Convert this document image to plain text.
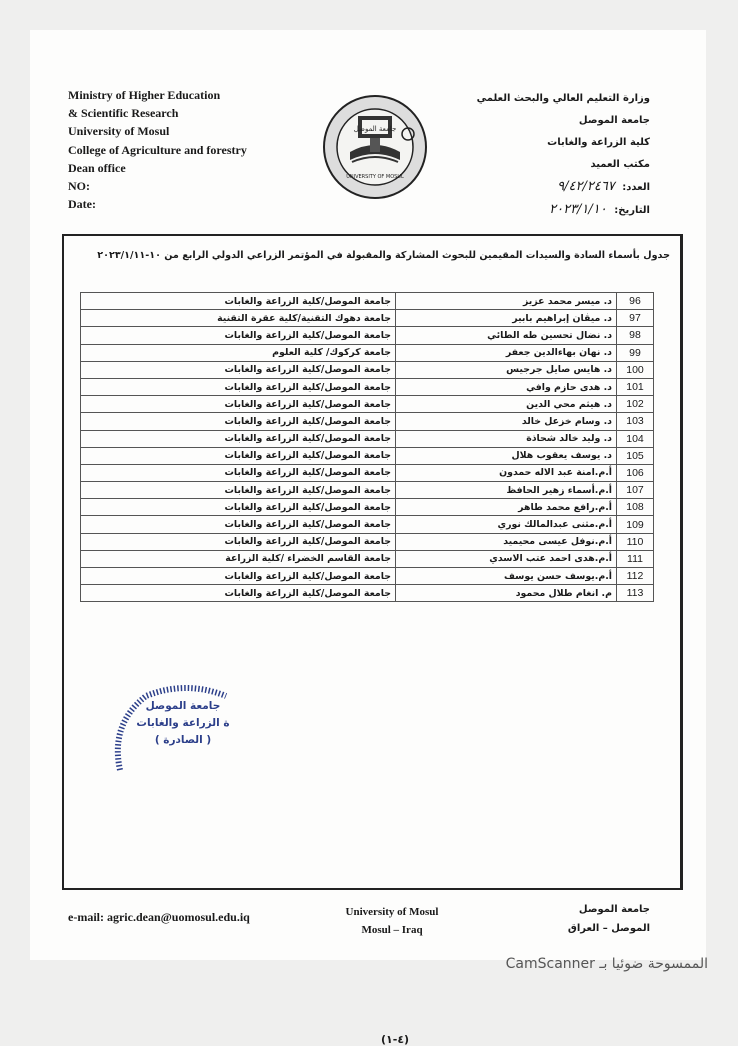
Ministry of Higher Education
& Scientific Research
University of Mosul
College of Agriculture and forestry
Dean office
NO:
Date:
جامعة الموصل
UNIVERSITY OF MOSUL
وزارة التعليم العالي والبحث العلمي
جامعة الموصل
كلية الزراعة والغابات
مكتب العميد
العدد: ٩/٤٢/٢٤٦٧
التاريخ: ٢٠٢٣/١/١٠
جدول بأسماء السادة والسيدات المقيمين للبحوث المشاركة والمقبولة في المؤتمر الزراعي الدولي الرابع من ١٠-٢٠٢٣/١/١١
جامعة الموصل/كلية الزراعة والغابات	د. ميسر محمد عزيز	96
جامعة دهوك التقنية/كلية عقرة التقنية	د. ميڤان إبراهيم بابير	97
جامعة الموصل/كلية الزراعة والغابات	د. نضال تحسين طه الطائي	98
جامعة كركوك/ كلية العلوم	د. نهان بهاءالدين جعفر	99
جامعة الموصل/كلية الزراعة والغابات	د. هايس صايل جرجيس	100
جامعة الموصل/كلية الزراعة والغابات	د. هدى حازم وافي	101
جامعة الموصل/كلية الزراعة والغابات	د. هيثم محي الدين	102
جامعة الموصل/كلية الزراعة والغابات	د. وسام خزعل خالد	103
جامعة الموصل/كلية الزراعة والغابات	د. وليد خالد شحاذة	104
جامعة الموصل/كلية الزراعة والغابات	د. يوسف يعقوب هلال	105
جامعة الموصل/كلية الزراعة والغابات	أ.م.امنة عبد الاله حمدون	106
جامعة الموصل/كلية الزراعة والغابات	أ.م.أسماء زهير الحافظ	107
جامعة الموصل/كلية الزراعة والغابات	أ.م.رافع محمد طاهر	108
جامعة الموصل/كلية الزراعة والغابات	أ.م.مثنى عبدالمالك نوري	109
جامعة الموصل/كلية الزراعة والغابات	أ.م.نوفل عيسى محيميد	110
جامعة القاسم الخضراء /كلية الزراعة	أ.م.هدى احمد عتب الاسدي	111
جامعة الموصل/كلية الزراعة والغابات	أ.م.يوسف حسن يوسف	112
جامعة الموصل/كلية الزراعة والغابات	م. انغام طلال محمود	113
(٤-١)
جامعة الموصل
ة الزراعة والغابات
( الصادرة )
e-mail: agric.dean@uomosul.edu.iq	University of Mosul
Mosul – Iraq
جامعة الموصل
الموصل – العراق
الممسوحة ضوئيا بـ CamScanner
